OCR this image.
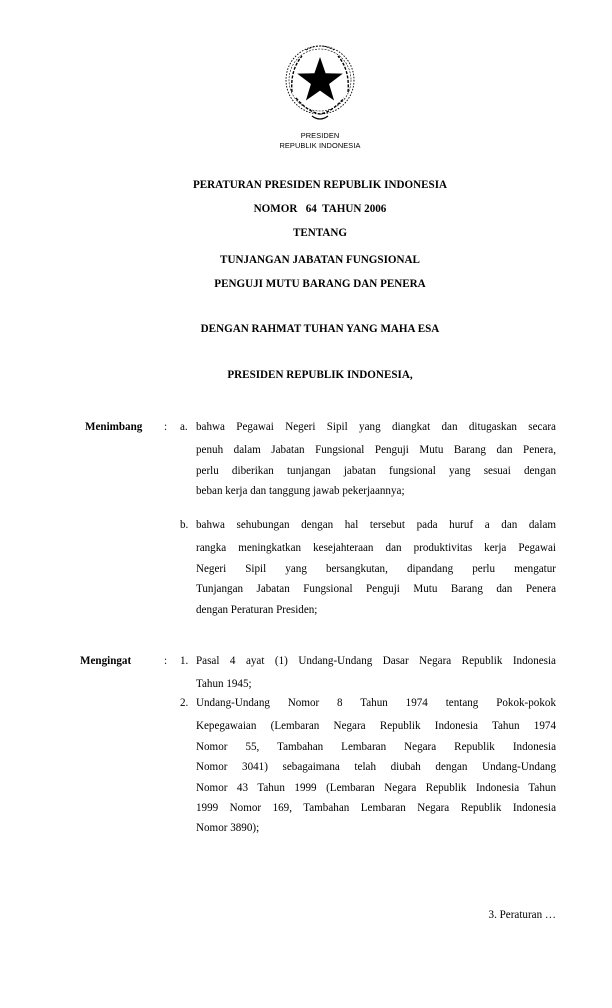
PRESIDEN
REPUBLIK INDONESIA
PERATURAN PRESIDEN REPUBLIK INDONESIA
NOMOR   64  TAHUN 2006
TENTANG
TUNJANGAN JABATAN FUNGSIONAL
PENGUJI MUTU BARANG DAN PENERA
DENGAN RAHMAT TUHAN YANG MAHA ESA
PRESIDEN REPUBLIK INDONESIA,
Menimbang : a. bahwa Pegawai Negeri Sipil yang diangkat dan ditugaskan secara
penuh dalam Jabatan Fungsional Penguji Mutu Barang dan Penera,
perlu diberikan tunjangan jabatan fungsional yang sesuai dengan
beban kerja dan tanggung jawab pekerjaannya;
b. bahwa sehubungan dengan hal tersebut pada huruf a dan dalam
rangka meningkatkan kesejahteraan dan produktivitas kerja Pegawai
Negeri Sipil yang bersangkutan, dipandang perlu mengatur
Tunjangan Jabatan Fungsional Penguji Mutu Barang dan Penera
dengan Peraturan Presiden;
Mengingat	: 1. Pasal 4 ayat (1) Undang-Undang Dasar Negara Republik Indonesia
Tahun 1945;
2. Undang-Undang Nomor 8 Tahun 1974 tentang Pokok-pokok
Kepegawaian (Lembaran Negara Republik Indonesia Tahun 1974
Nomor 55, Tambahan Lembaran Negara Republik Indonesia
Nomor 3041) sebagaimana telah diubah dengan Undang-Undang
Nomor 43 Tahun 1999 (Lembaran Negara Republik Indonesia Tahun
1999 Nomor 169, Tambahan Lembaran Negara Republik Indonesia
Nomor 3890);
3. Peraturan …
